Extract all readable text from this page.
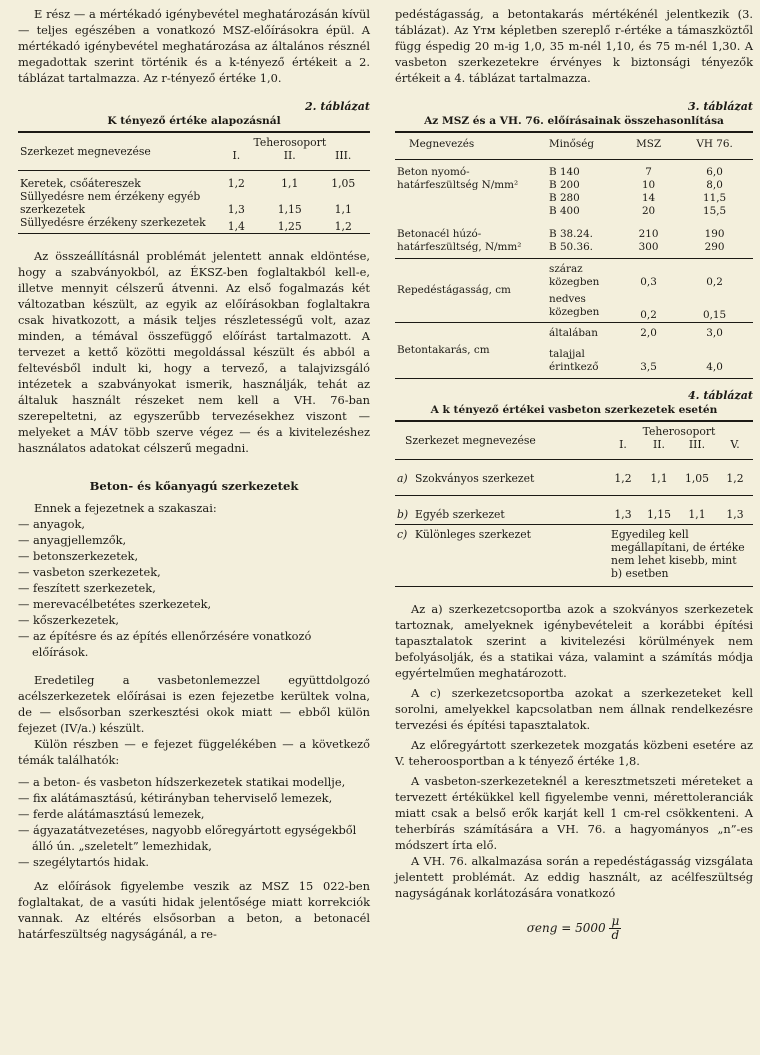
E rész — a mértékadó igénybevétel meghatározásán kívül — teljes egészében a vonatkozó MSZ-előírásokra épül. A mértékadó igénybevétel meghatározása az általános résznél megadottak szerint történik és a k-tényező értékeit a 2. táblázat tartalmazza. Az r-tényező értéke 1,0.

2. táblázat

K tényező értéke alapozásnál

Szerkezet megnevezése	Teherosoport		
	I.	II.	III.
Keretek, csőátereszek	1,2	1,1	1,05
Süllyedésre nem érzékeny egyéb szerkezetek	1,3	1,15	1,1
Süllyedésre érzékeny szerkezetek	1,4	1,25	1,2

Az összeállításnál problémát jelentett annak eldöntése, hogy a szabványokból, az ÉKSZ-ben foglaltakból kell-e, illetve mennyit célszerű átvenni. Az első fogalmazás két változatban készült, az egyik az előírásokban foglaltakra csak hivatkozott, a másik teljes részletességű volt, azaz minden, a témával összefüggő előírást tartalmazott. A tervezet a kettő közötti megoldással készült és abból a feltevésből indult ki, hogy a tervező, a talajvizsgáló intézetek a szabványokat ismerik, használják, tehát az általuk használt részeket nem kell a VH. 76-ban szerepeltetni, az egyszerűbb tervezésekhez viszont — melyeket a MÁV több szerve végez — és a kivitelezéshez használatos adatokat célszerű megadni.

Beton- és kőanyagú szerkezetek

Ennek a fejezetnek a szakaszai:

— anyagok,
— anyagjellemzők,
— betonszerkezetek,
— vasbeton szerkezetek,
— feszített szerkezetek,
— merevacélbetétes szerkezetek,
— kőszerkezetek,
— az építésre és az építés ellenőrzésére vonatkozó előírások.

Eredetileg a vasbetonlemezzel együttdolgozó acélszerkezetek előírásai is ezen fejezetbe kerültek volna, de — elsősorban szerkesztési okok miatt — ebből külön fejezet (IV/a.) készült.

Külön részben — e fejezet függelékében — a következő témák találhatók:

— a beton- és vasbeton hídszerkezetek statikai modellje,
— fix alátámasztású, kétirányban teherviselő lemezek,
— ferde alátámasztású lemezek,
— ágyazatátvezetéses, nagyobb előregyártott egységekből álló ún. „szeletelt” lemezhidak,
— szegélytartós hidak.

Az előírások figyelembe veszik az MSZ 15 022-ben foglaltakat, de a vasúti hidak jelentősége miatt korrekciók vannak. Az eltérés elsősorban a beton, a betonacél határfeszültség nagyságánál, a re-

pedéstágasság, a betontakarás mértékénél jelentkezik (3. táblázat). Az Yтм képletben szereplő r-értéke a támaszköztől függ éspedig 20 m-ig 1,0, 35 m-nél 1,10, és 75 m-nél 1,30. A vasbeton szerkezetekre érvényes k biztonsági tényezők értékeit a 4. táblázat tartalmazza.

3. táblázat

Az MSZ és a VH. 76. előírásainak összehasonlítása

Megnevezés	Minőség	MSZ	VH 76.
Beton nyomó-határfeszültség N/mm²	B 140	7	6,0
	B 200	10	8,0
	B 280	14	11,5
	B 400	20	15,5
Betonacél húzó-határfeszültség, N/mm²	B 38.24.	210	190
	B 50.36.	300	290
Repedéstágasság, cm	száraz közegben	0,3	0,2
	nedves közegben	0,2	0,15
Betontakarás, cm	általában	2,0	3,0
	talajjal érintkező	3,5	4,0

4. táblázat

A k tényező értékei vasbeton szerkezetek esetén

Szerkezet megnevezése		Teherosoport			
		I.	II.	III.	V.
a)	Szokványos szerkezet	1,2	1,1	1,05	1,2
b)	Egyéb szerkezet	1,3	1,15	1,1	1,3
c)	Különleges szerkezet	Egyedileg kell megállapítani, de értéke nem lehet kisebb, mint b) esetben			

Az a) szerkezetcsoportba azok a szokványos szerkezetek tartoznak, amelyeknek igénybevételeit a korábbi építési tapasztalatok szerint a kivitelezési körülmények nem befolyásolják, és a statikai váza, valamint a számítás módja egyértelműen meghatározott.

A c) szerkezetcsoportba azokat a szerkezeteket kell sorolni, amelyekkel kapcsolatban nem állnak rendelkezésre tervezési és építési tapasztalatok.

Az előregyártott szerkezetek mozgatás közbeni esetére az V. teheroosportban a k tényező értéke 1,8.

A vasbeton-szerkezeteknél a keresztmetszeti méreteket a tervezett értékükkel kell figyelembe venni, mérettoleranciák miatt csak a belső erők karját kell 1 cm-rel csökkenteni. A teherbírás számítására a VH. 76. a hagyományos „n”-es módszert írta elő.

A VH. 76. alkalmazása során a repedéstágasság vizsgálata jelentett problémát. Az eddig használt, az acélfeszültség nagyságának korlátozására vonatkozó

$\sigma eng = 5000 \frac{\mu}{d}$
